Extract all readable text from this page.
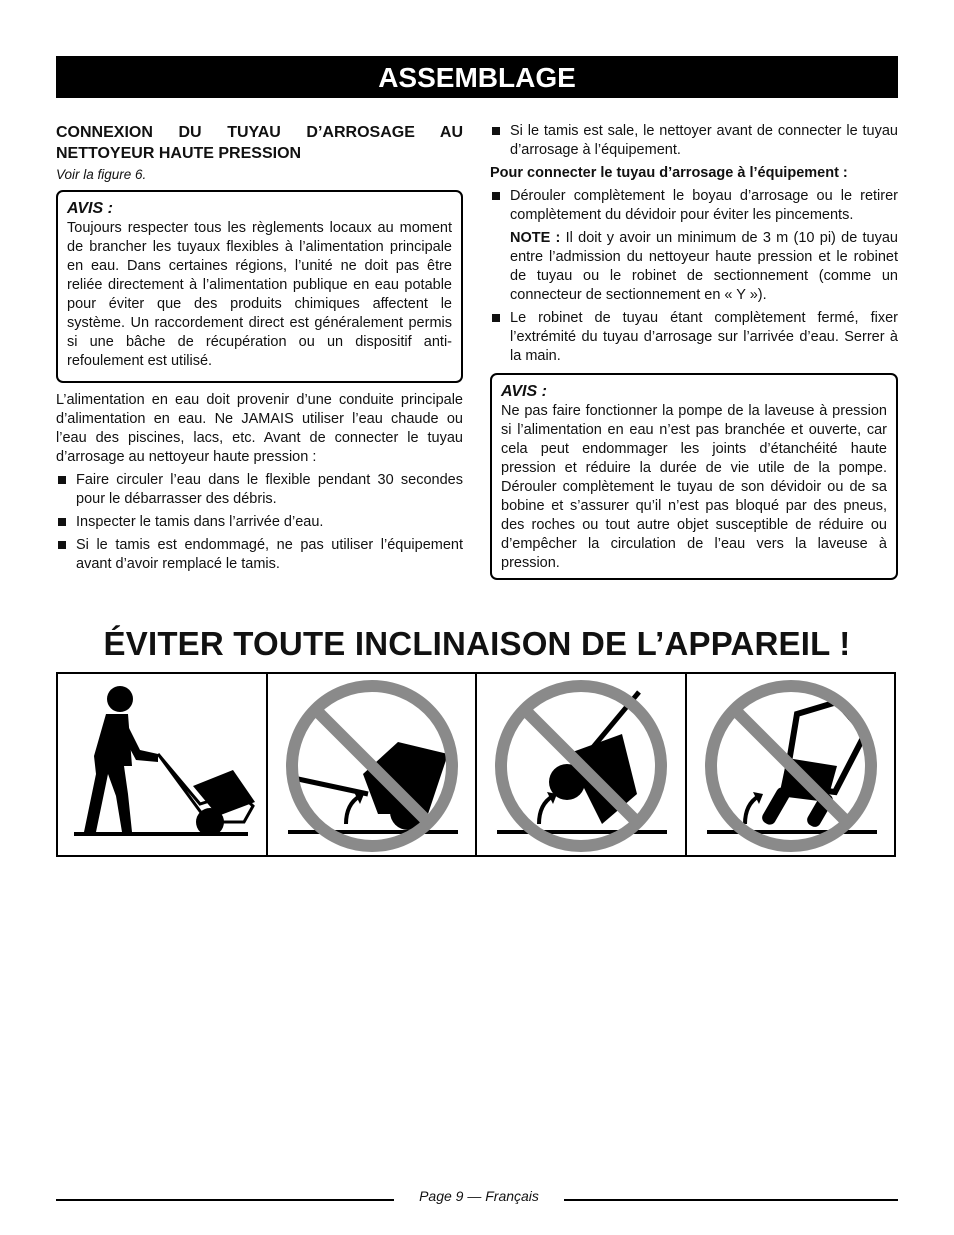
ASSEMBLAGE
CONNEXION DU TUYAU D’ARROSAGE AU NETTOYEUR HAUTE PRESSION
Voir la figure 6.
AVIS :

Toujours respecter tous les règlements locaux au moment de brancher les tuyaux flexibles à l’alimentation principale en eau. Dans certaines régions, l’unité ne doit pas être reliée directement à l’alimentation publique en eau potable pour éviter que des produits chimiques affectent le système. Un raccordement direct est généralement permis si une bâche de récupération ou un dispositif anti-refoulement est utilisé.

L’alimentation en eau doit provenir d’une conduite principale d’alimentation en eau. Ne JAMAIS utiliser l’eau chaude ou l’eau des piscines, lacs, etc. Avant de connecter le tuyau d’arrosage au nettoyeur haute pression :

Faire circuler l’eau dans le flexible pendant 30 secondes pour le débarrasser des débris.

Inspecter le tamis dans l’arrivée d’eau.

Si le tamis est endommagé, ne pas utiliser l’équipement avant d’avoir remplacé le tamis.

Si le tamis est sale, le nettoyer avant de connecter le tuyau d’arrosage à l’équipement.

Pour connecter le tuyau d’arrosage à l’équipement :

Dérouler complètement le boyau d’arrosage ou le retirer complètement du dévidoir pour éviter les pincements.

NOTE : Il doit y avoir un minimum de 3 m (10 pi) de tuyau entre l’admission du nettoyeur haute pression et le robinet de tuyau ou le robinet de sectionnement (comme un connecteur de sectionnement en « Y »).

Le robinet de tuyau étant complètement fermé, fixer l’extrémité du tuyau d’arrosage sur l’arrivée d’eau. Serrer à la main.

AVIS :

Ne pas faire fonctionner la pompe de la laveuse à pression si l’alimentation en eau n’est pas branchée et ouverte, car cela peut endommager les joints d’étanchéité haute pression et réduire la durée de vie utile de la pompe. Dérouler complètement le tuyau de son dévidoir ou de sa bobine et s’assurer qu’il n’est pas bloqué par des pneus, des roches ou tout autre objet susceptible de réduire ou d’empêcher la circulation de l’eau vers la laveuse à pression.

ÉVITER TOUTE INCLINAISON DE L’APPAREIL !
Page 9 — Français
